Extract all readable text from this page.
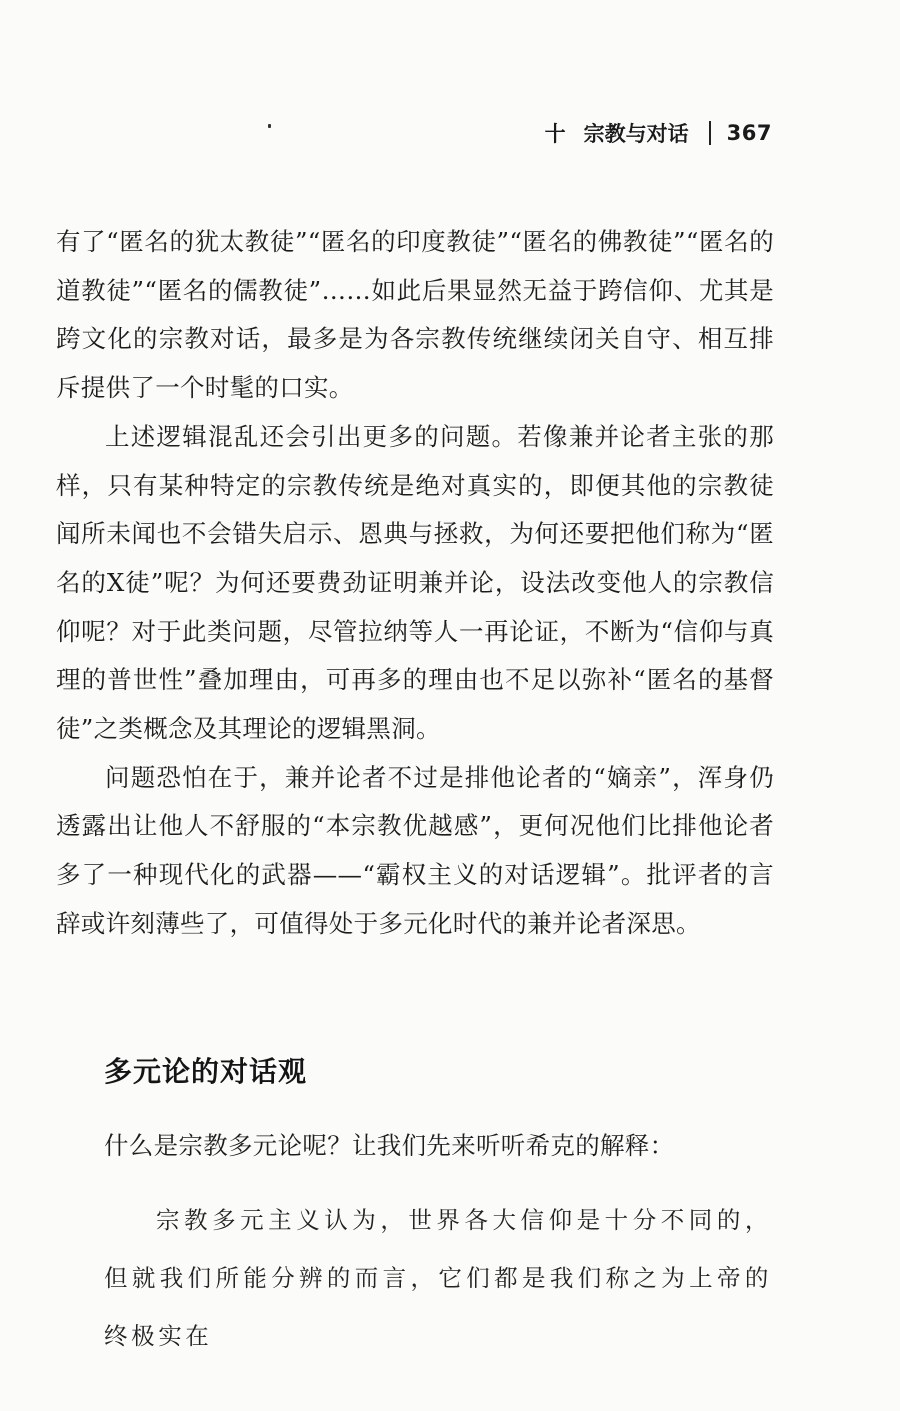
十 宗教与对话 367

有了“匿名的犹太教徒”“匿名的印度教徒”“匿名的佛教徒”“匿名的道教徒”“匿名的儒教徒”……如此后果显然无益于跨信仰、尤其是跨文化的宗教对话，最多是为各宗教传统继续闭关自守、相互排斥提供了一个时髦的口实。

上述逻辑混乱还会引出更多的问题。若像兼并论者主张的那样，只有某种特定的宗教传统是绝对真实的，即便其他的宗教徒闻所未闻也不会错失启示、恩典与拯救，为何还要把他们称为“匿名的X徒”呢？为何还要费劲证明兼并论，设法改变他人的宗教信仰呢？对于此类问题，尽管拉纳等人一再论证，不断为“信仰与真理的普世性”叠加理由，可再多的理由也不足以弥补“匿名的基督徒”之类概念及其理论的逻辑黑洞。

问题恐怕在于，兼并论者不过是排他论者的“嫡亲”，浑身仍透露出让他人不舒服的“本宗教优越感”，更何况他们比排他论者多了一种现代化的武器——“霸权主义的对话逻辑”。批评者的言辞或许刻薄些了，可值得处于多元化时代的兼并论者深思。

多元论的对话观

什么是宗教多元论呢？让我们先来听听希克的解释：

宗教多元主义认为，世界各大信仰是十分不同的，但就我们所能分辨的而言，它们都是我们称之为上帝的终极实在
